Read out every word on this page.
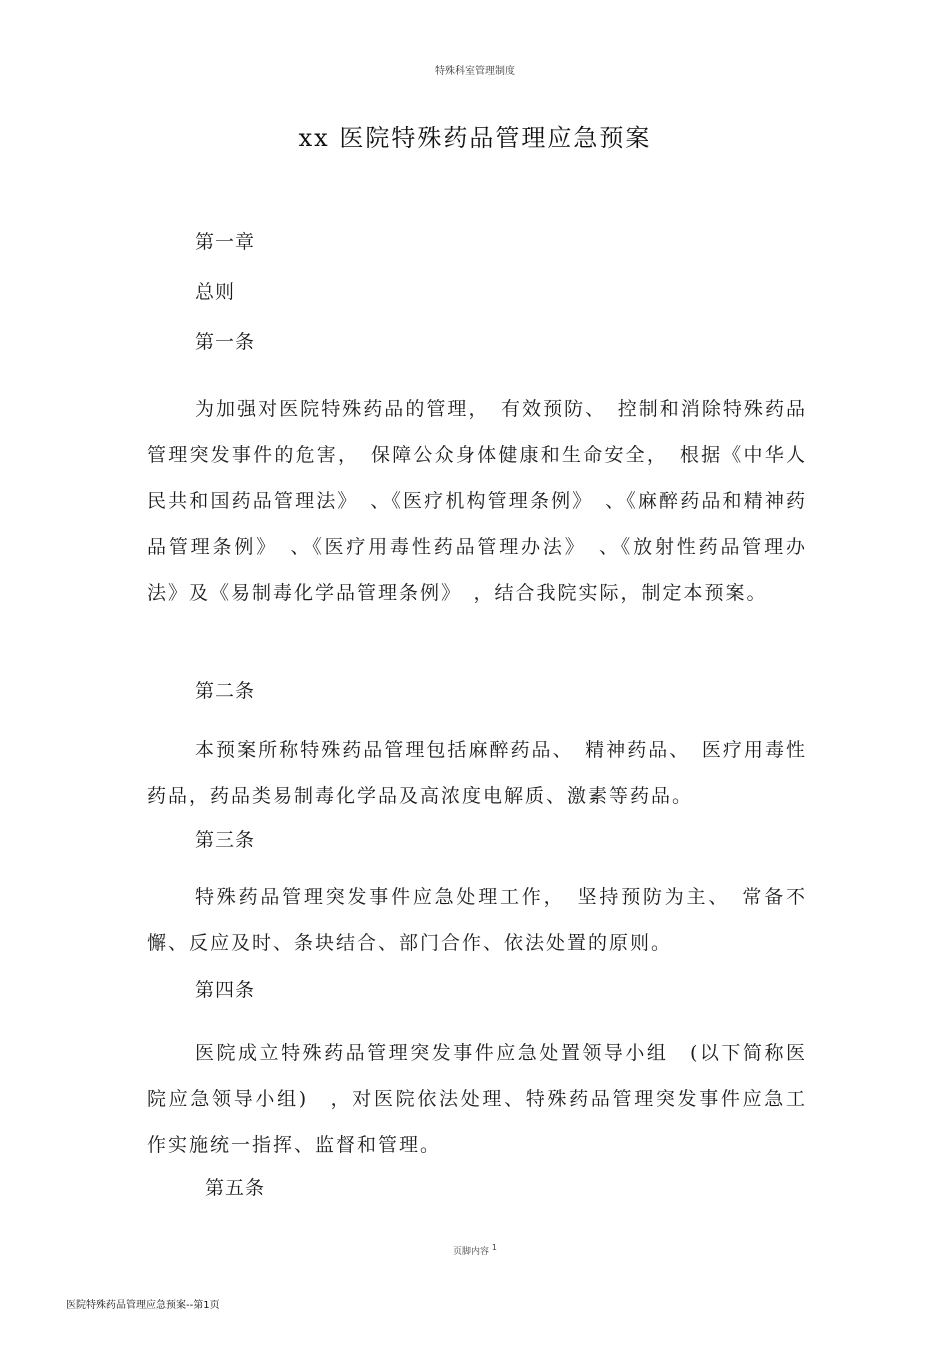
特殊科室管理制度
xx 医院特殊药品管理应急预案
第一章
总则
第一条
为加强对医院特殊药品的管理，　有效预防、　控制和消除特殊药品管理突发事件的危害，　保障公众身体健康和生命安全，　根据《中华人民共和国药品管理法》　、《医疗机构管理条例》　、《麻醉药品和精神药品管理条例》　、《医疗用毒性药品管理办法》　、《放射性药品管理办法》及《易制毒化学品管理条例》　，结合我院实际，制定本预案。
第二条
本预案所称特殊药品管理包括麻醉药品、　精神药品、　医疗用毒性药品，药品类易制毒化学品及高浓度电解质、激素等药品。
第三条
特殊药品管理突发事件应急处理工作，　坚持预防为主、　常备不懈、反应及时、条块结合、部门合作、依法处置的原则。
第四条
医院成立特殊药品管理突发事件应急处置领导小组　(以下简称医院应急领导小组)　，对医院依法处理、特殊药品管理突发事件应急工作实施统一指挥、监督和管理。
第五条
页脚内容 $^1$
医院特殊药品管理应急预案--第1页
